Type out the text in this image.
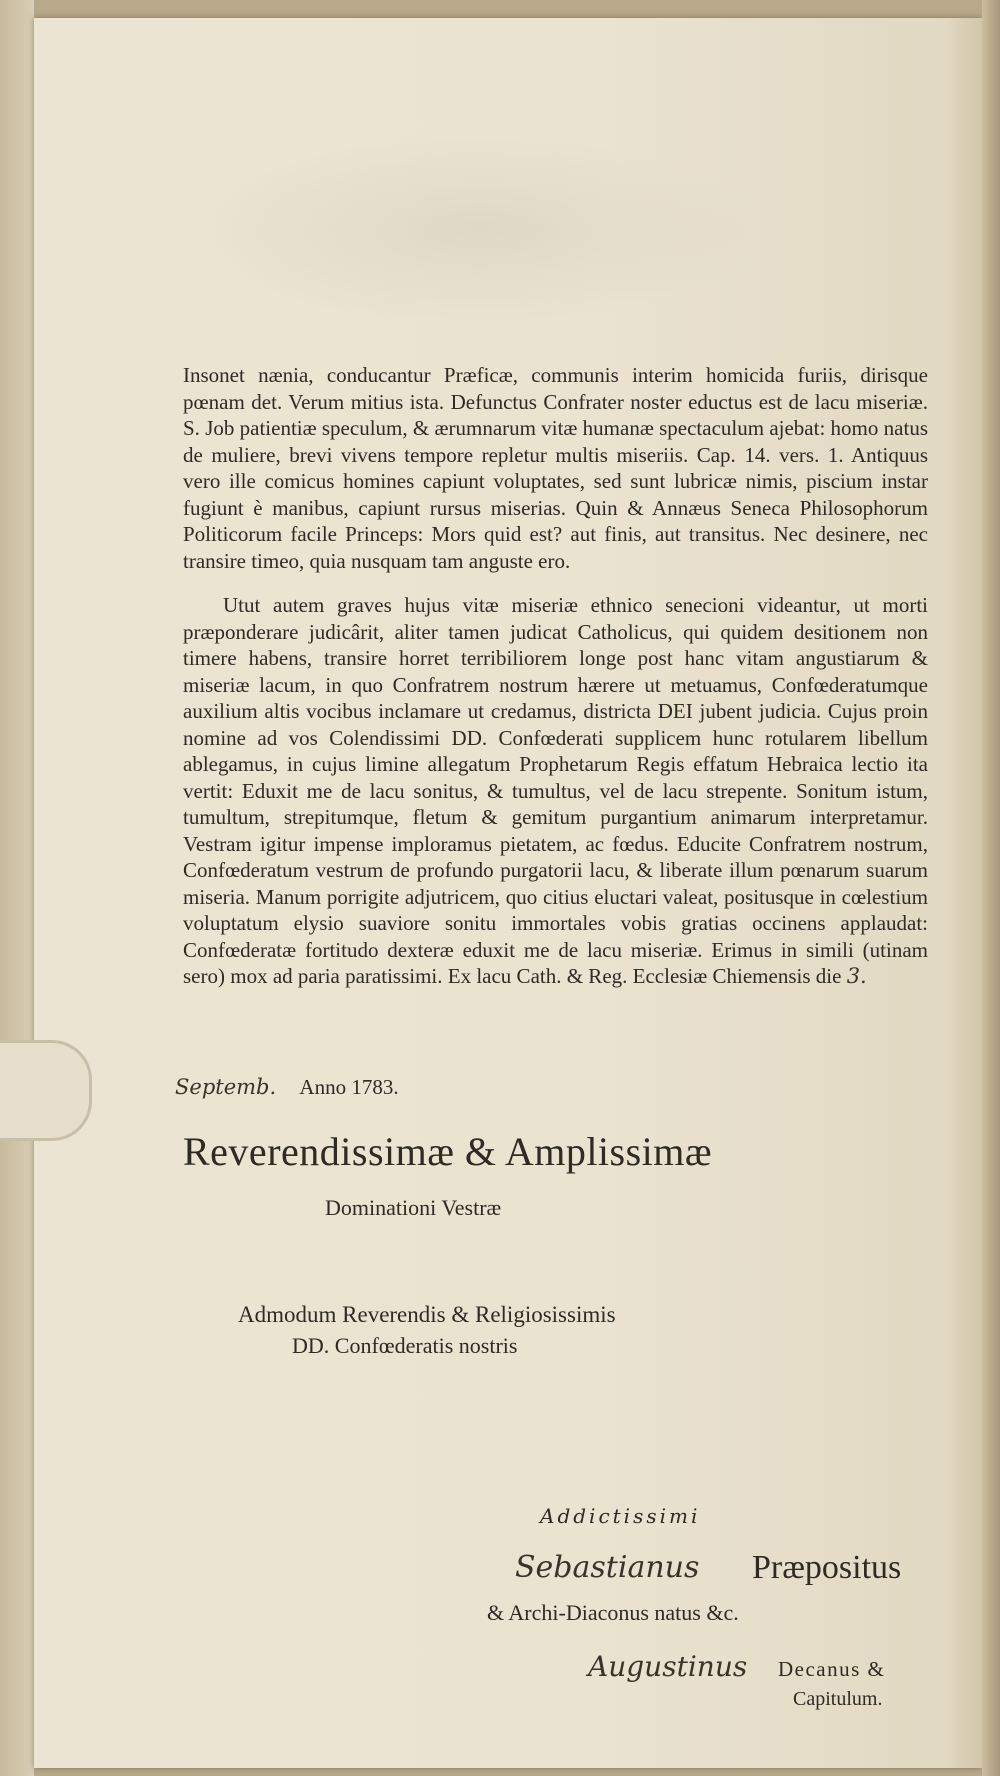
Insonet nænia, conducantur Præficæ, communis interim homicida furiis, dirisque pœnam det. Verum mitius ista. Defunctus Confrater noster eductus est de lacu miseriæ. S. Job patientiæ speculum, & ærumnarum vitæ humanæ spectaculum ajebat: homo natus de muliere, brevi vivens tempore repletur multis miseriis. Cap. 14. vers. 1. Antiquus vero ille comicus homines capiunt voluptates, sed sunt lubricæ nimis, piscium instar fugiunt è manibus, capiunt rursus miserias. Quin & Annæus Seneca Philosophorum Politicorum facile Princeps: Mors quid est? aut finis, aut transitus. Nec desinere, nec transire timeo, quia nusquam tam anguste ero.

Utut autem graves hujus vitæ miseriæ ethnico senecioni videantur, ut morti præponderare judicârit, aliter tamen judicat Catholicus, qui quidem desitionem non timere habens, transire horret terribiliorem longe post hanc vitam angustiarum & miseriæ lacum, in quo Confratrem nostrum hærere ut metuamus, Confœderatumque auxilium altis vocibus inclamare ut credamus, districta DEI jubent judicia. Cujus proin nomine ad vos Colendissimi DD. Confœderati supplicem hunc rotularem libellum ablegamus, in cujus limine allegatum Prophetarum Regis effatum Hebraica lectio ita vertit: Eduxit me de lacu sonitus, & tumultus, vel de lacu strepente. Sonitum istum, tumultum, strepitumque, fletum & gemitum purgantium animarum interpretamur. Vestram igitur impense imploramus pietatem, ac fœdus. Educite Confratrem nostrum, Confœderatum vestrum de profundo purgatorii lacu, & liberate illum pœnarum suarum miseria. Manum porrigite adjutricem, quo citius eluctari valeat, positusque in cœlestium voluptatum elysio suaviore sonitu immortales vobis gratias occinens applaudat: Confœderatæ fortitudo dexteræ eduxit me de lacu miseriæ. Erimus in simili (utinam sero) mox ad paria paratissimi. Ex lacu Cath. & Reg. Ecclesiæ Chiemensis die 3.

Septemb. Anno 1783.
Reverendissimæ & Amplissimæ
Dominationi Vestræ
Admodum Reverendis & Religiosissimis
DD. Confœderatis nostris
Addictissimi
Sebastianus Præpositus
& Archi-Diaconus natus &c.
Augustinus Decanus &
Capitulum.
